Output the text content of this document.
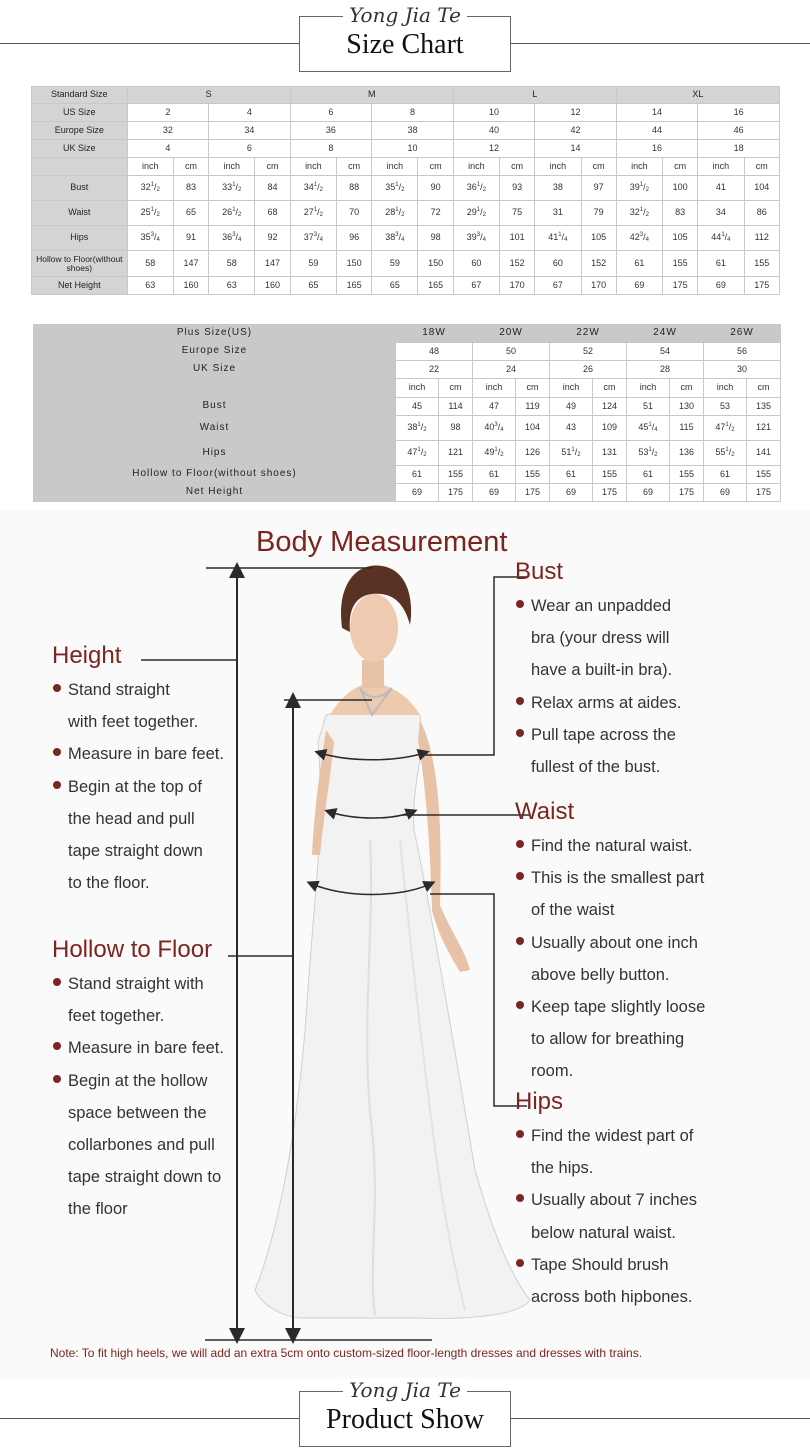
Yong Jia Te
Size Chart
Standard Size	S				M				L				XL			
US Size	2		4		6		8		10		12		14		16	
Europe Size	32		34		36		38		40		42		44		46	
UK Size	4		6		8		10		12		14		16		18	
	inch	cm	inch	cm	inch	cm	inch	cm	inch	cm	inch	cm	inch	cm	inch	cm
Bust	$32^1/_2$	83	$33^1/_2$	84	$34^1/_2$	88	$35^1/_2$	90	$36^1/_2$	93	38	97	$39^1/_2$	100	41	104
Waist	$25^1/_2$	65	$26^1/_2$	68	$27^1/_2$	70	$28^1/_2$	72	$29^1/_2$	75	31	79	$32^1/_2$	83	34	86
Hips	$35^3/_4$	91	$36^3/_4$	92	$37^3/_4$	96	$38^3/_4$	98	$39^3/_4$	101	$41^1/_4$	105	$42^3/_4$	105	$44^1/_4$	112
Hollow to Floor(without shoes)	58	147	58	147	59	150	59	150	60	152	60	152	61	155	61	155
Net Height	63	160	63	160	65	165	65	165	67	170	67	170	69	175	69	175
Plus Size(US)	18W		20W		22W		24W		26W	
Europe Size	48		50		52		54		56	
UK Size	22		24		26		28		30	
	inch	cm	inch	cm	inch	cm	inch	cm	inch	cm
Bust	45	114	47	119	49	124	51	130	53	135
Waist	$38^1/_2$	98	$40^3/_4$	104	43	109	$45^1/_4$	115	$47^1/_2$	121
Hips	$47^1/_2$	121	$49^1/_2$	126	$51^1/_2$	131	$53^1/_2$	136	$55^1/_2$	141
Hollow to Floor(without shoes)	61	155	61	155	61	155	61	155	61	155
Net Height	69	175	69	175	69	175	69	175	69	175
Body Measurement
Height
Stand straight
with feet together.
Measure in bare feet.
Begin at the top of
the head and pull
tape straight down
to the floor.
Hollow to Floor
Stand straight with
feet together.
Measure in bare feet.
Begin at the hollow
space between the
collarbones and pull
tape straight down to
the floor
Bust
Wear an unpadded
bra (your dress will
have a built-in bra).
Relax arms at aides.
Pull tape across the
fullest of the bust.
Waist
Find the natural waist.
This is the smallest part
of the waist
Usually about one inch
above belly button.
Keep tape slightly loose
to allow for breathing
room.
Hips
Find the widest part of
the hips.
Usually about 7 inches
below natural waist.
Tape Should brush
across both hipbones.
Note: To fit high heels, we will add an extra 5cm onto custom-sized floor-length dresses and dresses with trains.
Yong Jia Te
Product Show
